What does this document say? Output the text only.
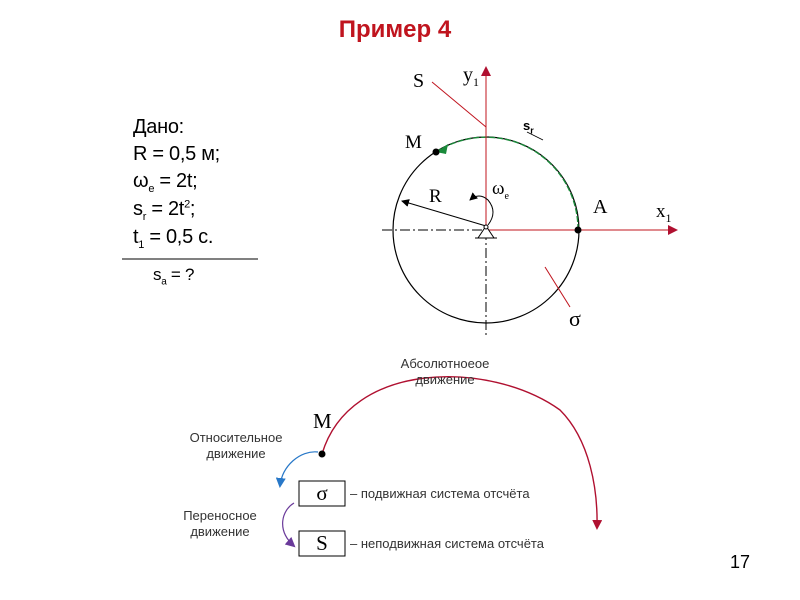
Пример 4
Дано:
R = 0,5 м;
$\omega_e = 2t$;
$s_r = 2t^2$;
$t_1 = 0,5$ с.
$s_a$ = ?
S $y_1$
M
$s_r$
R	$\omega_e$	A	$x_1$
σ
Абсолютноеое
движение
M
Относительное
движение
Переносное
движение
σ
S
– подвижная система отсчёта
– неподвижная система отсчёта
17
